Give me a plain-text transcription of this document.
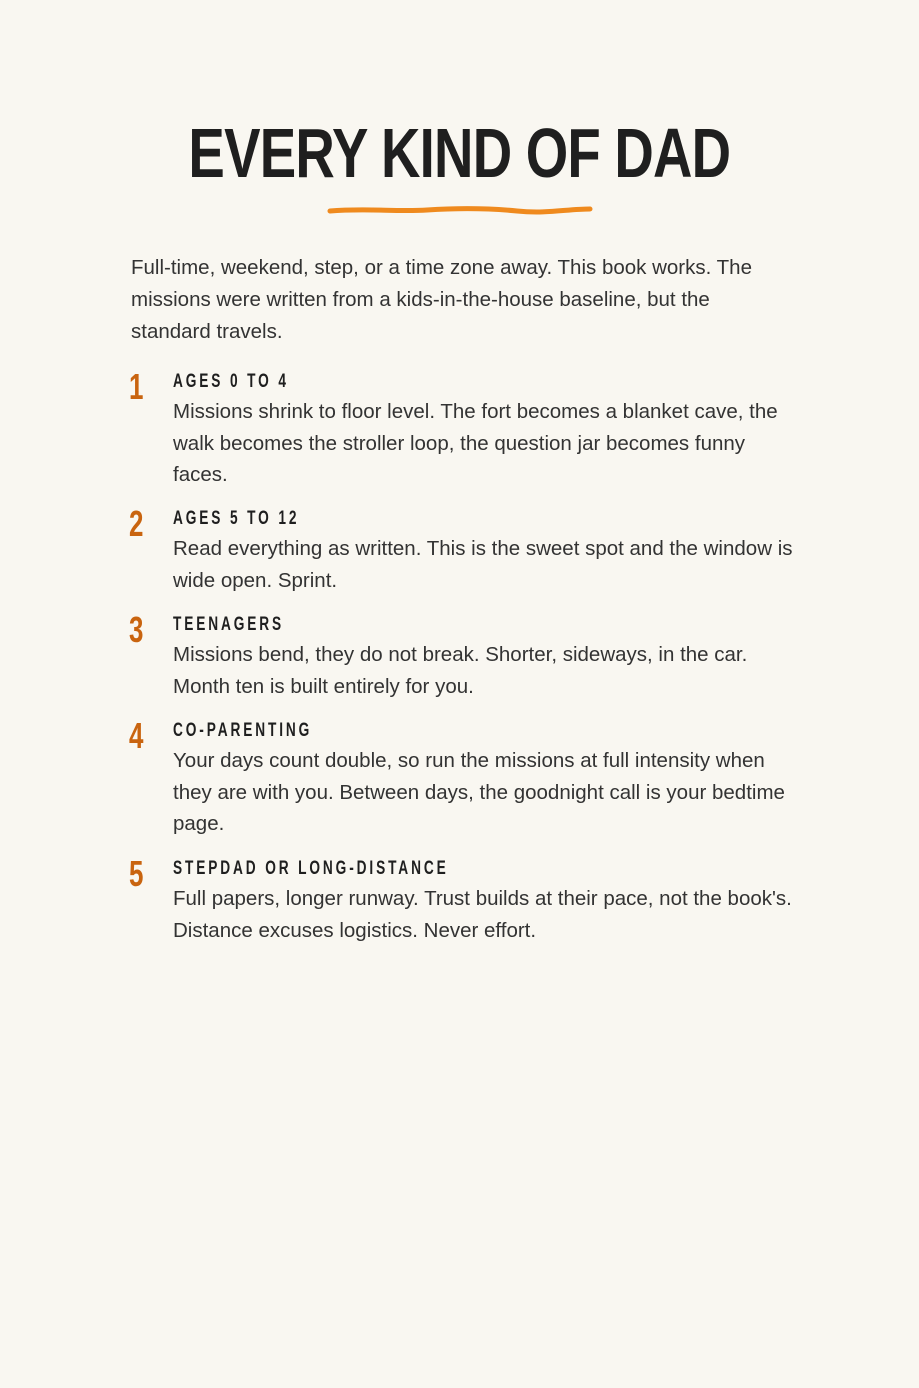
EVERY KIND OF DAD

Full-time, weekend, step, or a time zone away. This book works. The missions were written from a kids-in-the-house baseline, but the standard travels.

1 AGES 0 TO 4

Missions shrink to floor level. The fort becomes a blanket cave, the walk becomes the stroller loop, the question jar becomes funny faces.

2 AGES 5 TO 12

Read everything as written. This is the sweet spot and the window is wide open. Sprint.

3 TEENAGERS

Missions bend, they do not break. Shorter, sideways, in the car. Month ten is built entirely for you.

4 CO-PARENTING

Your days count double, so run the missions at full intensity when they are with you. Between days, the goodnight call is your bedtime page.

5 STEPDAD OR LONG-DISTANCE

Full papers, longer runway. Trust builds at their pace, not the book's. Distance excuses logistics. Never effort.
